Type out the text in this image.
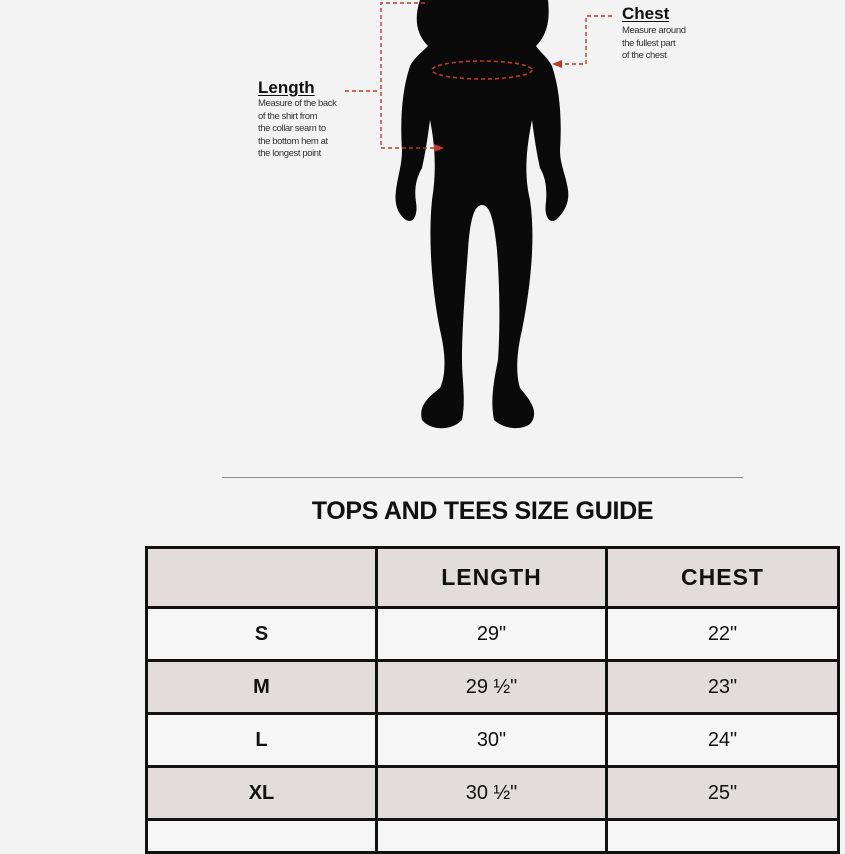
Chest
Measure around
the fullest part
of the chest
Length
Measure of the back
of the shirt from
the collar seam to
the bottom hem at
the longest point
TOPS AND TEES SIZE GUIDE
	LENGTH	CHEST
S	29"	22"
M	29 ½"	23"
L	30"	24"
XL	30 ½"	25"
